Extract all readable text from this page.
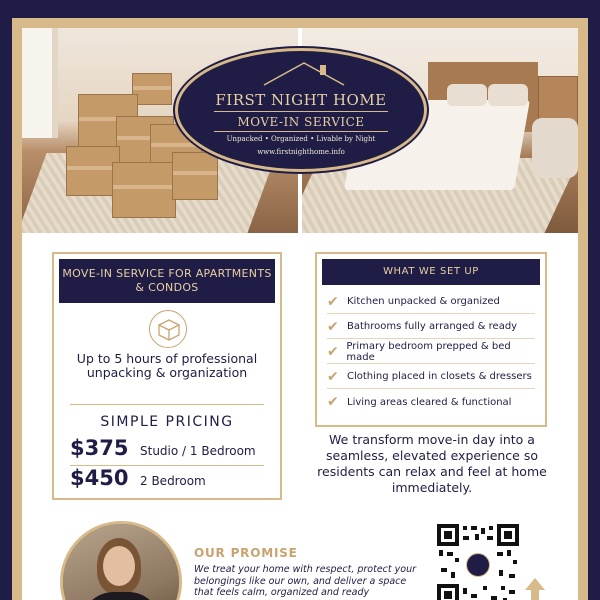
FIRST NIGHT HOME
MOVE-IN SERVICE
Unpacked • Organized • Livable by Night
www.firstnighthome.info
MOVE-IN SERVICE FOR APARTMENTS & CONDOS
Up to 5 hours of professional unpacking & organization
SIMPLE PRICING
$375 Studio / 1 Bedroom
$450 2 Bedroom
WHAT WE SET UP
✔ Kitchen unpacked & organized
✔ Bathrooms fully arranged & ready
✔ Primary bedroom prepped & bed made
✔ Clothing placed in closets & dressers
✔ Living areas cleared & functional
We transform move-in day into a seamless, elevated experience so residents can relax and feel at home immediately.
OUR PROMISE
We treat your home with respect, protect your belongings like our own, and deliver a space that feels calm, organized and ready
